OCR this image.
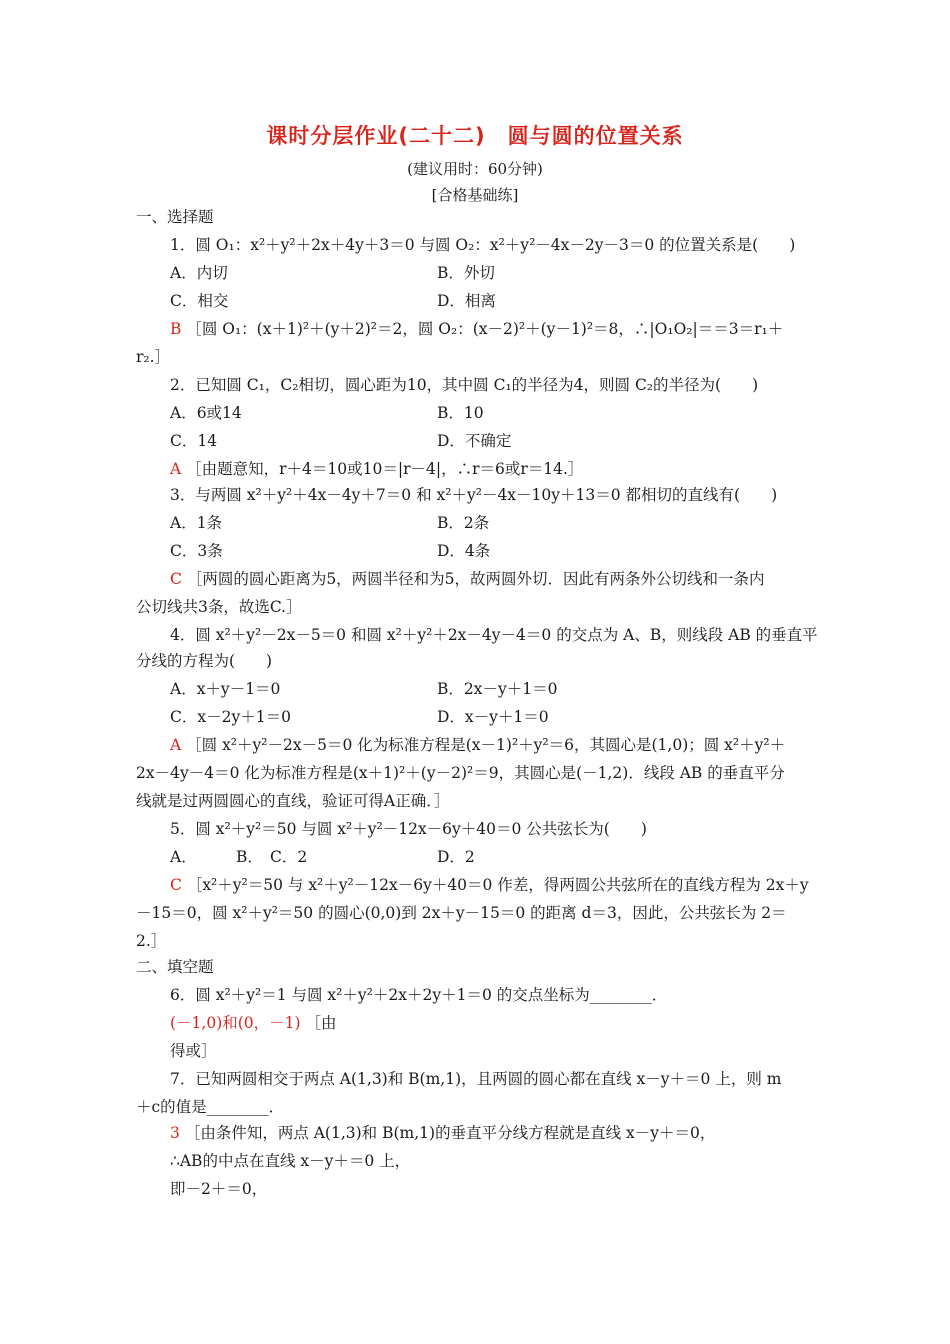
课时分层作业(二十二)　圆与圆的位置关系
(建议用时：60分钟)
[合格基础练]
一、选择题
1．圆 O₁：x²＋y²＋2x＋4y＋3＝0 与圆 O₂：x²＋y²－4x－2y－3＝0 的位置关系是(　　)
A．内切	B．外切
C．相交	D．相离
B ［圆 O₁：(x＋1)²＋(y＋2)²＝2，圆 O₂：(x－2)²＋(y－1)²＝8，∴|O₁O₂|＝＝3＝r₁＋
r₂.］
2．已知圆 C₁，C₂相切，圆心距为10，其中圆 C₁的半径为4，则圆 C₂的半径为(　　)
A．6或14	B．10
C．14	D．不确定
A ［由题意知，r＋4＝10或10＝|r－4|，∴r＝6或r＝14.］
3．与两圆 x²＋y²＋4x－4y＋7＝0 和 x²＋y²－4x－10y＋13＝0 都相切的直线有(　　)
A．1条	B．2条
C．3条	D．4条
C ［两圆的圆心距离为5，两圆半径和为5，故两圆外切．因此有两条外公切线和一条内
公切线共3条，故选C.］
4．圆 x²＋y²－2x－5＝0 和圆 x²＋y²＋2x－4y－4＝0 的交点为 A、B，则线段 AB 的垂直平
分线的方程为(　　)
A．x＋y－1＝0	B．2x－y＋1＝0
C．x－2y＋1＝0	D．x－y＋1＝0
A ［圆 x²＋y²－2x－5＝0 化为标准方程是(x－1)²＋y²＝6，其圆心是(1,0)；圆 x²＋y²＋
2x－4y－4＝0 化为标准方程是(x＋1)²＋(y－2)²＝9，其圆心是(－1,2)．线段 AB 的垂直平分
线就是过两圆圆心的直线，验证可得A正确．］
5．圆 x²＋y²＝50 与圆 x²＋y²－12x－6y＋40＝0 公共弦长为(　　)
A．	B． C．2	D．2
C ［x²＋y²＝50 与 x²＋y²－12x－6y＋40＝0 作差，得两圆公共弦所在的直线方程为 2x＋y
－15＝0，圆 x²＋y²＝50 的圆心(0,0)到 2x＋y－15＝0 的距离 d＝3，因此，公共弦长为 2＝
2.］
二、填空题
6．圆 x²＋y²＝1 与圆 x²＋y²＋2x＋2y＋1＝0 的交点坐标为________．
(－1,0)和(0，－1) ［由
得或］
7．已知两圆相交于两点 A(1,3)和 B(m,1)，且两圆的圆心都在直线 x－y＋＝0 上，则 m
＋c的值是________．
3 ［由条件知，两点 A(1,3)和 B(m,1)的垂直平分线方程就是直线 x－y＋＝0，
∴AB的中点在直线 x－y＋＝0 上，
即－2＋＝0，
